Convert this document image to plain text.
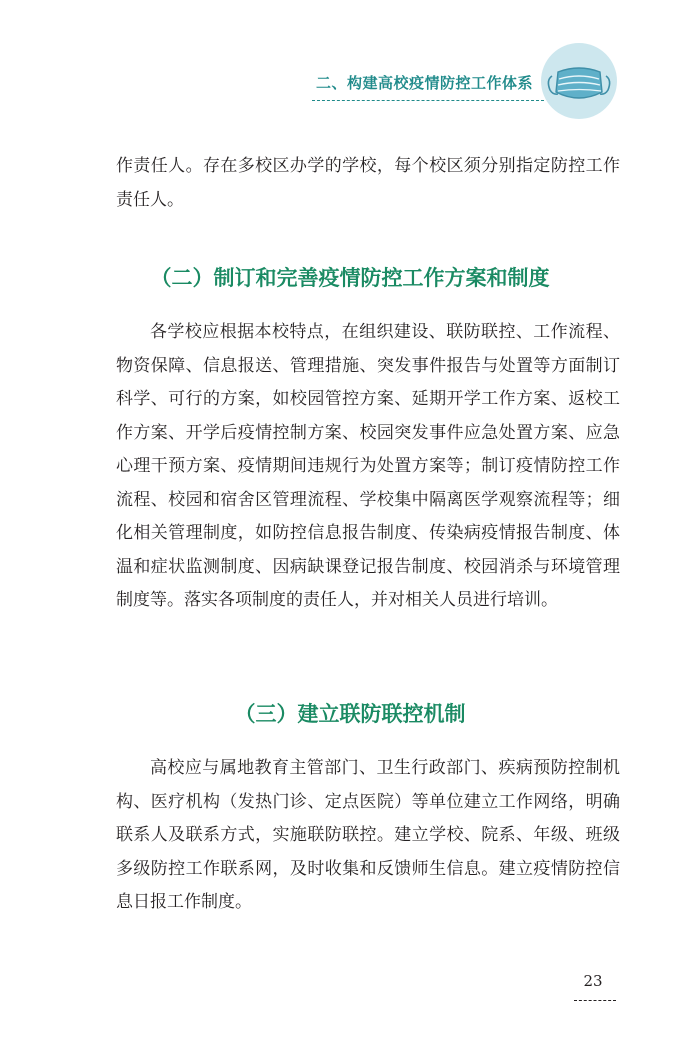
二、构建高校疫情防控工作体系

作责任人。存在多校区办学的学校，每个校区须分别指定防控工作责任人。

（二）制订和完善疫情防控工作方案和制度

各学校应根据本校特点，在组织建设、联防联控、工作流程、物资保障、信息报送、管理措施、突发事件报告与处置等方面制订科学、可行的方案，如校园管控方案、延期开学工作方案、返校工作方案、开学后疫情控制方案、校园突发事件应急处置方案、应急心理干预方案、疫情期间违规行为处置方案等；制订疫情防控工作流程、校园和宿舍区管理流程、学校集中隔离医学观察流程等；细化相关管理制度，如防控信息报告制度、传染病疫情报告制度、体温和症状监测制度、因病缺课登记报告制度、校园消杀与环境管理制度等。落实各项制度的责任人，并对相关人员进行培训。

（三）建立联防联控机制

高校应与属地教育主管部门、卫生行政部门、疾病预防控制机构、医疗机构（发热门诊、定点医院）等单位建立工作网络，明确联系人及联系方式，实施联防联控。建立学校、院系、年级、班级多级防控工作联系网，及时收集和反馈师生信息。建立疫情防控信息日报工作制度。

23
